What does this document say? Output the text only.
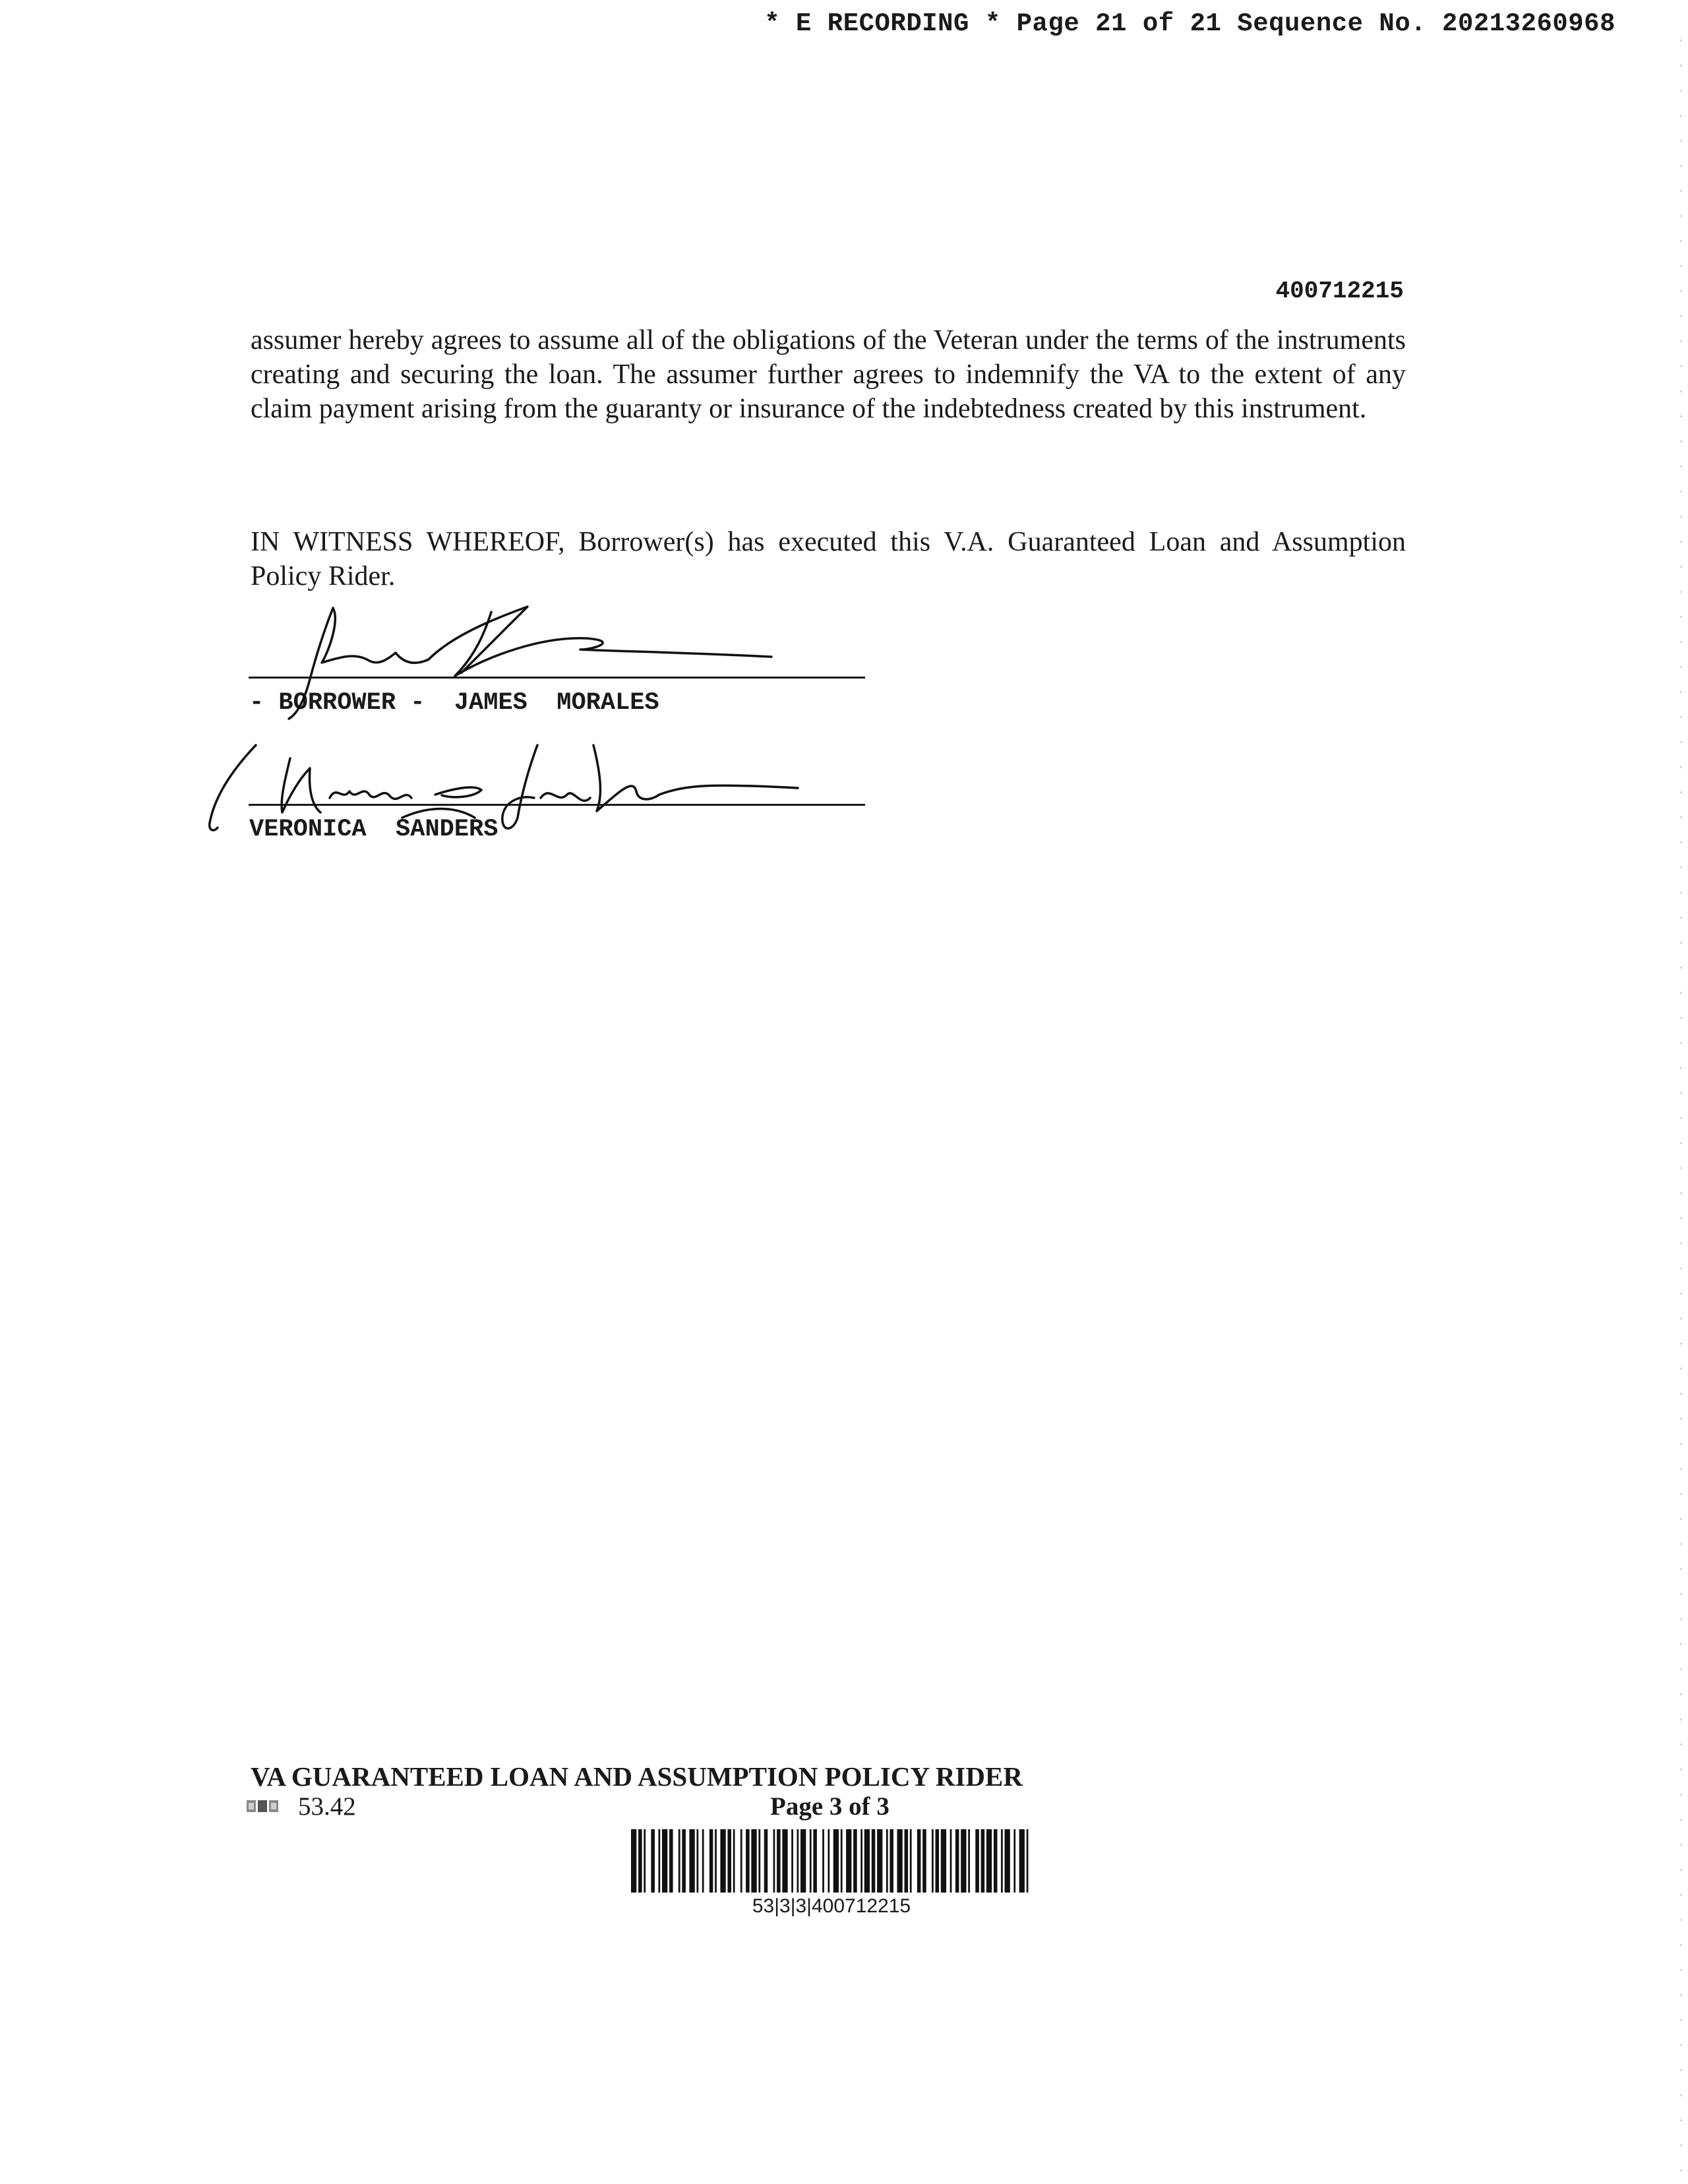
* E RECORDING * Page 21 of 21 Sequence No. 20213260968
400712215

assumer hereby agrees to assume all of the obligations of the Veteran under the terms of the instruments creating and securing the loan. The assumer further agrees to indemnify the VA to the extent of any claim payment arising from the guaranty or insurance of the indebtedness created by this instrument.

IN WITNESS WHEREOF, Borrower(s) has executed this V.A. Guaranteed Loan and Assumption Policy Rider.

- BORROWER -  JAMES  MORALES
VERONICA  SANDERS
VA GUARANTEED LOAN AND ASSUMPTION POLICY RIDER
53.42	Page 3 of 3
53|3|3|400712215
